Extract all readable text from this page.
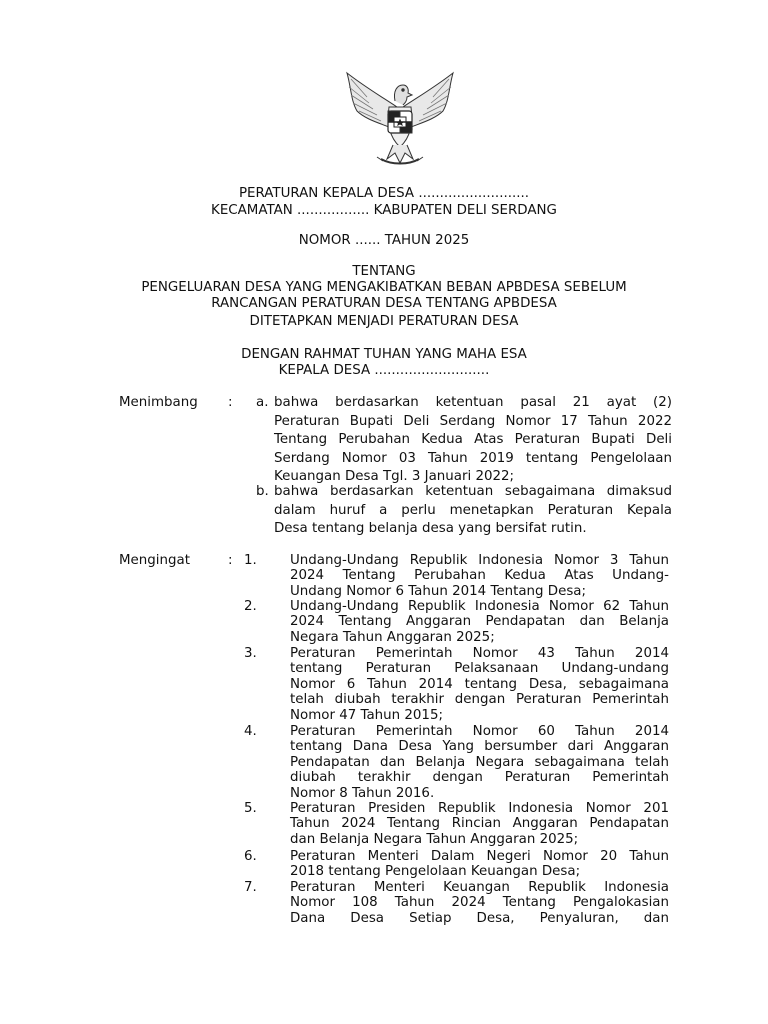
PERATURAN KEPALA DESA ..........................
KECAMATAN ................. KABUPATEN DELI SERDANG
NOMOR ...... TAHUN 2025
TENTANG
PENGELUARAN DESA YANG MENGAKIBATKAN BEBAN APBDESA SEBELUM
RANCANGAN PERATURAN DESA TENTANG APBDESA
DITETAPKAN MENJADI PERATURAN DESA
DENGAN RAHMAT TUHAN YANG MAHA ESA
KEPALA DESA ...........................
Menimbang : a. bahwa berdasarkan ketentuan pasal 21 ayat (2)
Peraturan Bupati Deli Serdang Nomor 17 Tahun 2022
Tentang Perubahan Kedua Atas Peraturan Bupati Deli
Serdang Nomor 03 Tahun 2019 tentang Pengelolaan
Keuangan Desa Tgl. 3 Januari 2022;
b. bahwa berdasarkan ketentuan sebagaimana dimaksud
dalam huruf a perlu menetapkan Peraturan Kepala
Desa tentang belanja desa yang bersifat rutin.
Mengingat	: 1. Undang-Undang Republik Indonesia Nomor 3 Tahun
2024 Tentang Perubahan Kedua Atas Undang-
Undang Nomor 6 Tahun 2014 Tentang Desa;
2. Undang-Undang Republik Indonesia Nomor 62 Tahun
2024 Tentang Anggaran Pendapatan dan Belanja
Negara Tahun Anggaran 2025;
3. Peraturan Pemerintah Nomor 43 Tahun 2014
tentang Peraturan Pelaksanaan Undang-undang
Nomor 6 Tahun 2014 tentang Desa, sebagaimana
telah diubah terakhir dengan Peraturan Pemerintah
Nomor 47 Tahun 2015;
4. Peraturan Pemerintah Nomor 60 Tahun 2014
tentang Dana Desa Yang bersumber dari Anggaran
Pendapatan dan Belanja Negara sebagaimana telah
diubah terakhir dengan Peraturan Pemerintah
Nomor 8 Tahun 2016.
5. Peraturan Presiden Republik Indonesia Nomor 201
Tahun 2024 Tentang Rincian Anggaran Pendapatan
dan Belanja Negara Tahun Anggaran 2025;
6. Peraturan Menteri Dalam Negeri Nomor 20 Tahun
2018 tentang Pengelolaan Keuangan Desa;
7. Peraturan Menteri Keuangan Republik Indonesia
Nomor 108 Tahun 2024 Tentang Pengalokasian
Dana Desa Setiap Desa, Penyaluran, dan
